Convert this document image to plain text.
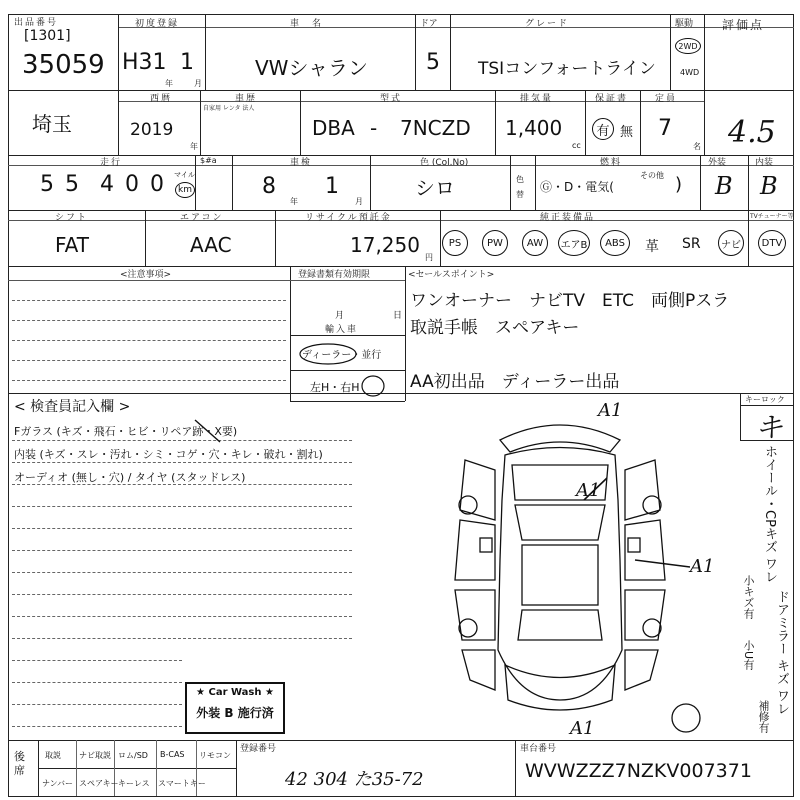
出品番号
[1301]
35059
初度登録
H31 1
年	月
車　名
VWシャラン
ドア
5
グレード
TSIコンフォートライン
駆動
2WD
4WD
評価点
4.5
埼玉
西暦
2019
年
車歴
自家用 レンタ 法人
型式
DBA - 7NCZD
排気量
1,400
cc
保証書
有 無
定員
7
名
走行
5 5 4 0 0 マイル
km
$#a	車検
8
年
1
月
色 (Col.No)
シロ	色替
燃料
Ⓖ・D・電気(
その他 )
外装
B
内装
B
シフト
FAT
エアコン
AAC
リサイクル預託金
17,250
円
純正装備品	TVチューナー等
PS	PW	AW	エアB	ABS	革 SR	ナビ	DTV
<注意事項>	登録書類有効期限
月	日
輸入車
ディーラー・並行
左H・右H
<セールスポイント>
ワンオーナー　ナビTV　ETC　両側Pスラ
取説手帳　スペアキー
AA初出品　ディーラー出品
< 検査員記入欄 >
Fガラス (キズ・飛石・ヒビ・リペア跡・X要)
内装 (キズ・スレ・汚れ・シミ・コゲ・穴・キレ・破れ・割れ)
オーディオ (無し・穴) / タイヤ (スタッドレス)
キーロック
キ
ホイール・CPキズ ワレ
小キズ有 ドアミラー キズ ワレ
小U有
補修有
A1
A1
A1
A1
★ Car Wash ★
外装 B 施行済
後席
取説 ナビ取説 ロム/SD B-CAS リモコン
ナンバー スペアキー キーレス スマートキー
登録番号
42 304 た35-72
車台番号
WVWZZZ7NZKV007371
